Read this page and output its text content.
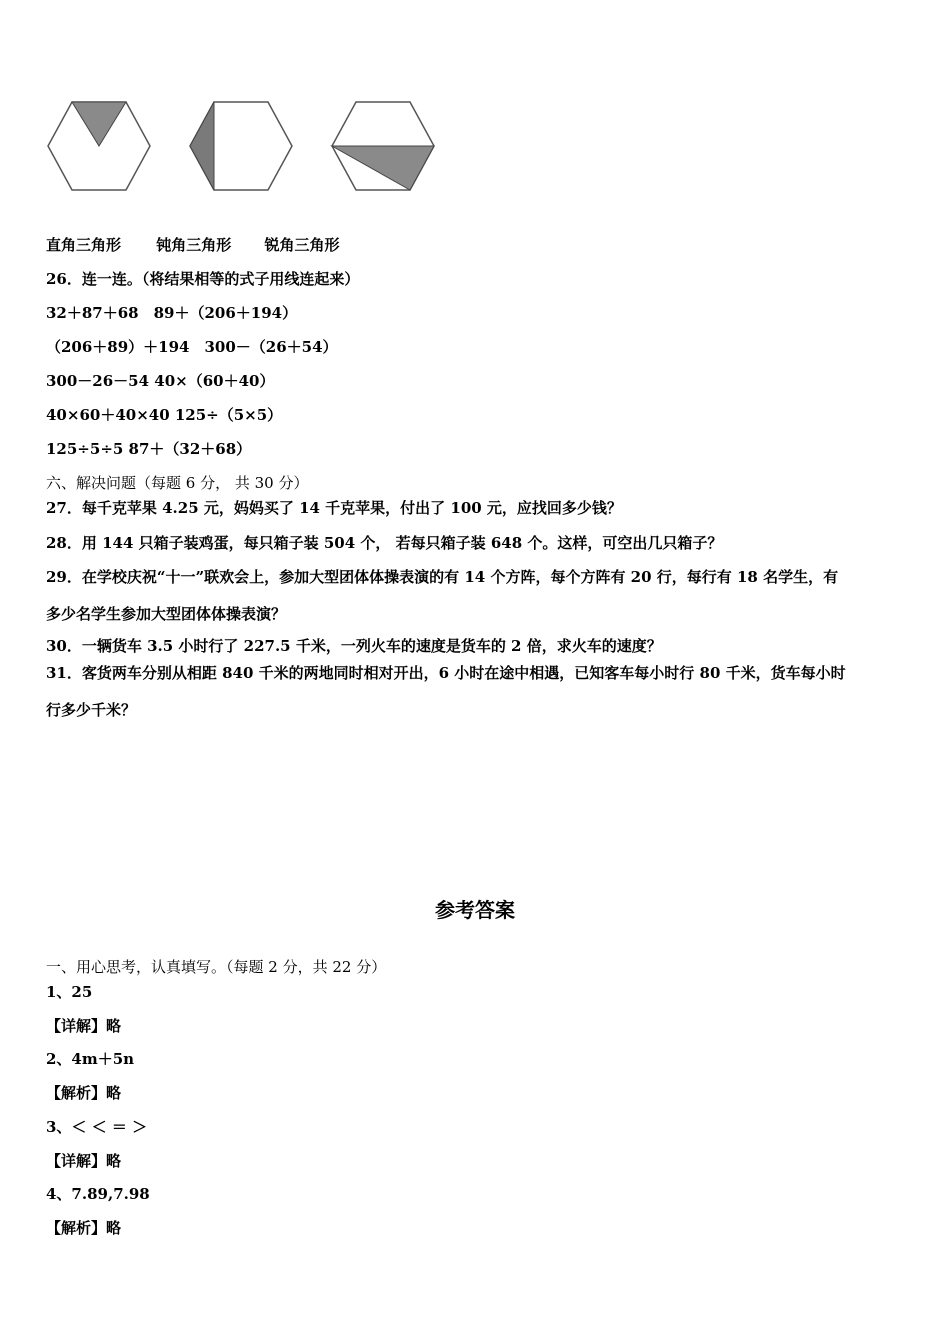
直角三角形 钝角三角形 锐角三角形
26．连一连。（将结果相等的式子用线连起来）
32＋87＋68　89＋（206＋194）
（206＋89）＋194　300－（26＋54）
300－26－54 40×（60＋40）
40×60＋40×40 125÷（5×5）
125÷5÷5 87＋（32＋68）
六、解决问题（每题 6 分， 共 30 分）
27．每千克苹果 4.25 元，妈妈买了 14 千克苹果，付出了 100 元，应找回多少钱？
28．用 144 只箱子装鸡蛋，每只箱子装 504 个， 若每只箱子装 648 个。这样，可空出几只箱子？
29．在学校庆祝“十一”联欢会上，参加大型团体体操表演的有 14 个方阵，每个方阵有 20 行，每行有 18 名学生，有
多少名学生参加大型团体体操表演？
30．一辆货车 3.5 小时行了 227.5 千米，一列火车的速度是货车的 2 倍，求火车的速度？
31．客货两车分别从相距 840 千米的两地同时相对开出，6 小时在途中相遇，已知客车每小时行 80 千米，货车每小时
行多少千米？
参考答案
一、用心思考，认真填写。（每题 2 分，共 22 分）
1、25
【详解】略
2、4m＋5n
【解析】略
3、＜ ＜ ＝ ＞
【详解】略
4、7.89,7.98
【解析】略
